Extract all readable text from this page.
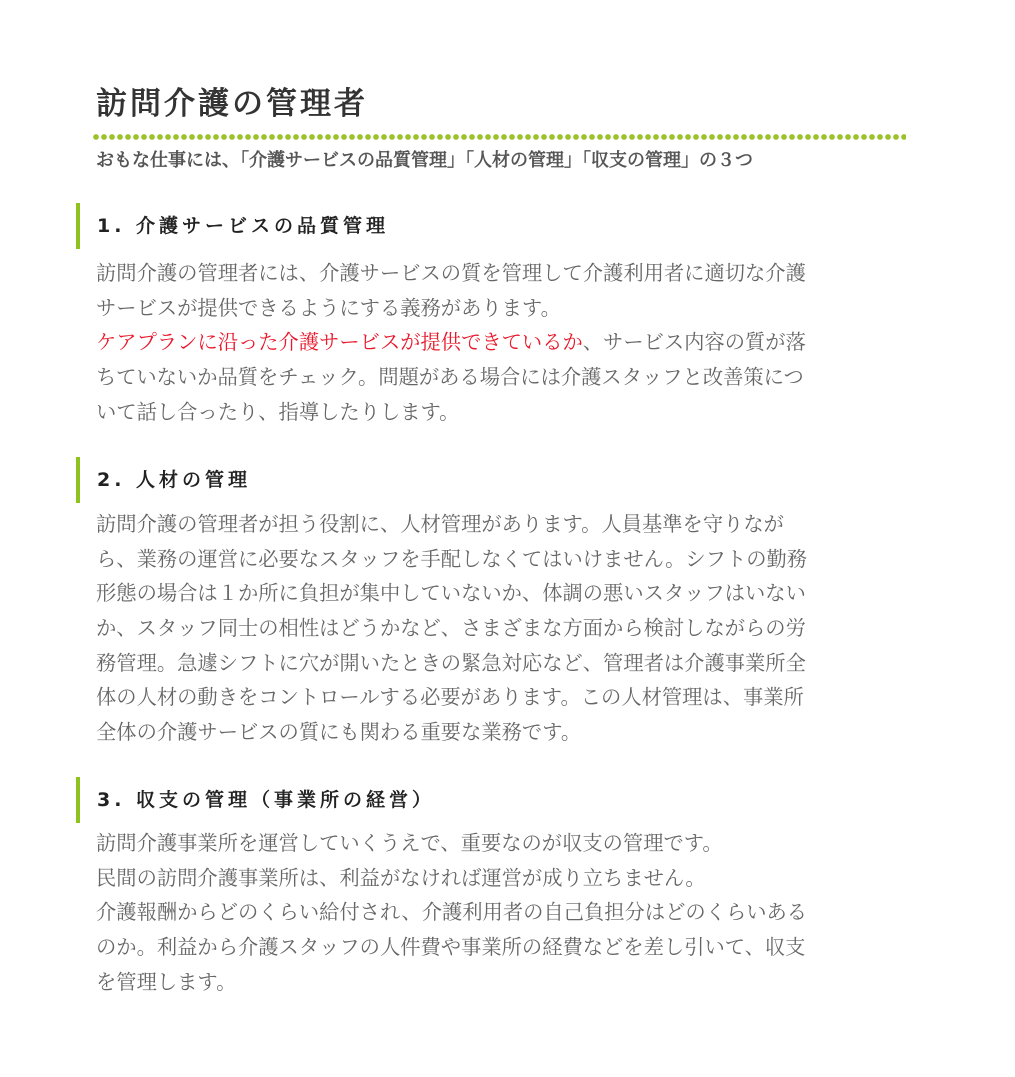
訪問介護の管理者

おもな仕事には、「介護サービスの品質管理」「人材の管理」「収支の管理」の３つ

1. 介護サービスの品質管理
訪問介護の管理者には、介護サービスの質を管理して介護利用者に適切な介護
サービスが提供できるようにする義務があります。
ケアプランに沿った介護サービスが提供できているか、サービス内容の質が落
ちていないか品質をチェック。問題がある場合には介護スタッフと改善策につ
いて話し合ったり、指導したりします。
2. 人材の管理
訪問介護の管理者が担う役割に、人材管理があります。人員基準を守りなが
ら、業務の運営に必要なスタッフを手配しなくてはいけません。シフトの勤務
形態の場合は１か所に負担が集中していないか、体調の悪いスタッフはいない
か、スタッフ同士の相性はどうかなど、さまざまな方面から検討しながらの労
務管理。急遽シフトに穴が開いたときの緊急対応など、管理者は介護事業所全
体の人材の動きをコントロールする必要があります。この人材管理は、事業所
全体の介護サービスの質にも関わる重要な業務です。
3. 収支の管理（事業所の経営）
訪問介護事業所を運営していくうえで、重要なのが収支の管理です。
民間の訪問介護事業所は、利益がなければ運営が成り立ちません。
介護報酬からどのくらい給付され、介護利用者の自己負担分はどのくらいある
のか。利益から介護スタッフの人件費や事業所の経費などを差し引いて、収支
を管理します。
